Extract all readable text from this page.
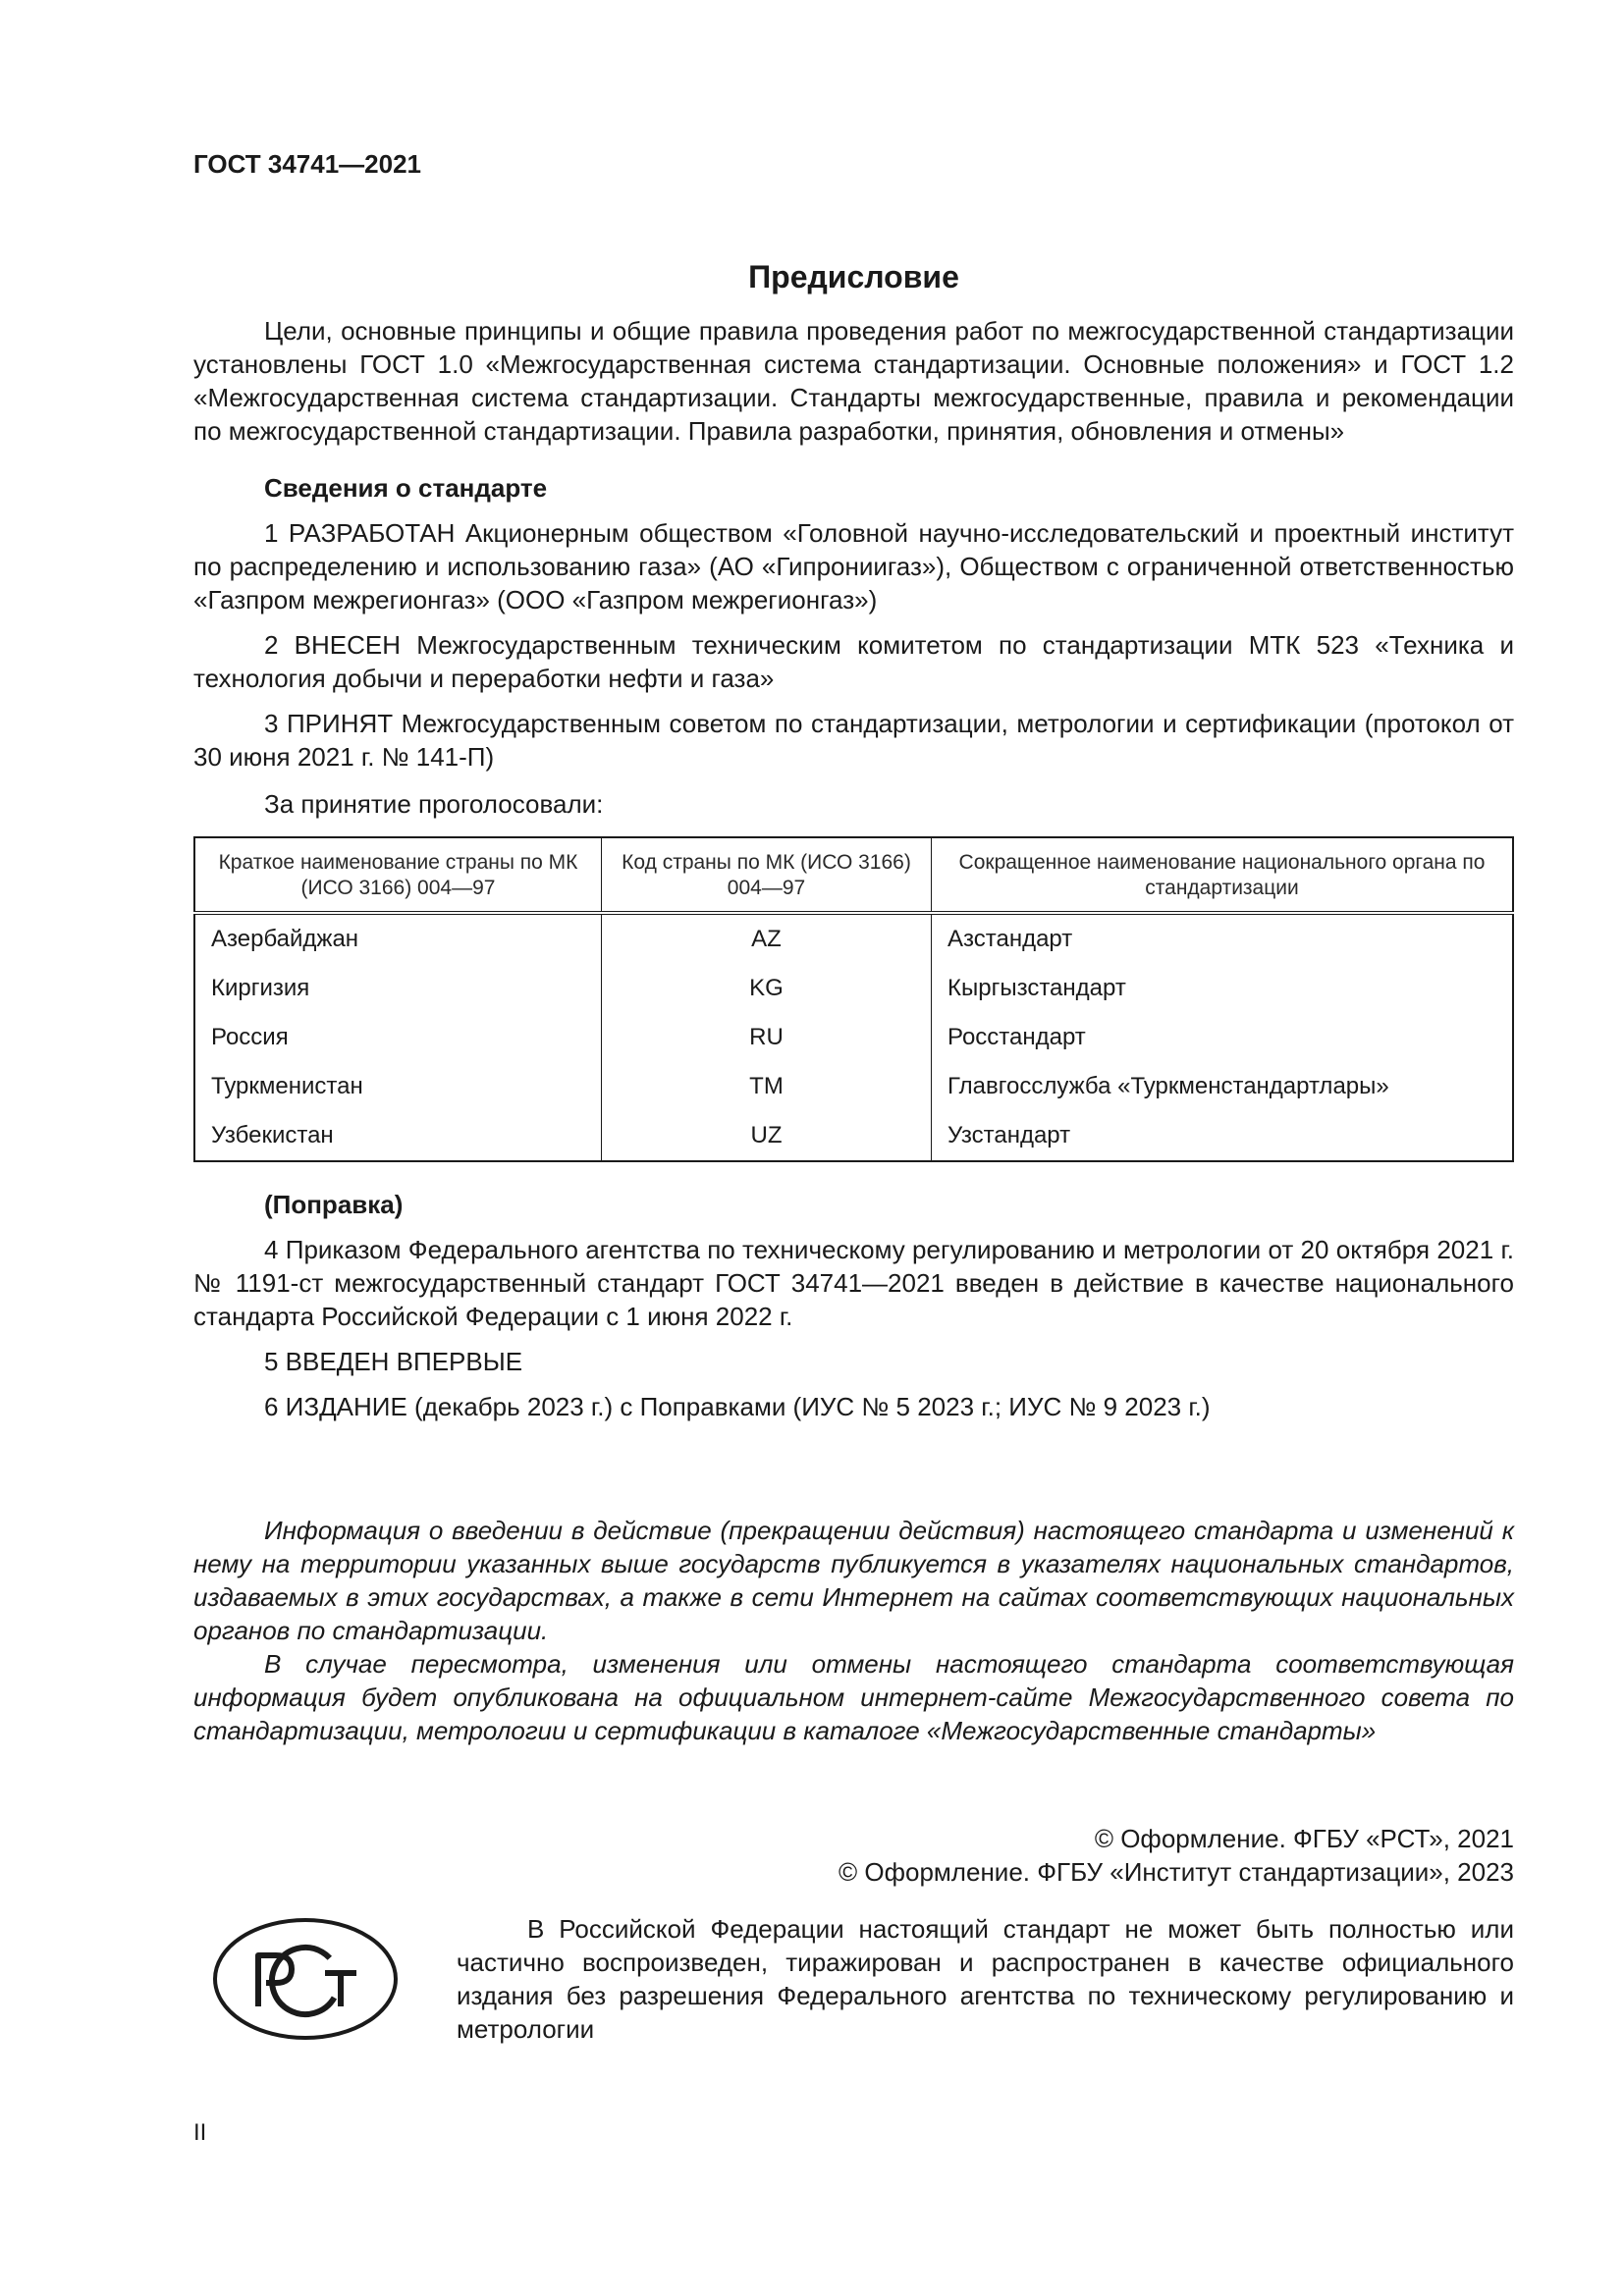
ГОСТ 34741—2021

Предисловие

Цели, основные принципы и общие правила проведения работ по межгосударственной стандартизации установлены ГОСТ 1.0 «Межгосударственная система стандартизации. Основные положения» и ГОСТ 1.2 «Межгосударственная система стандартизации. Стандарты межгосударственные, правила и рекомендации по межгосударственной стандартизации. Правила разработки, принятия, обновления и отмены»

Сведения о стандарте

1 РАЗРАБОТАН Акционерным обществом «Головной научно-исследовательский и проектный институт по распределению и использованию газа» (АО «Гипрониигаз»), Обществом с ограниченной ответственностью «Газпром межрегионгаз» (ООО «Газпром межрегионгаз»)

2 ВНЕСЕН Межгосударственным техническим комитетом по стандартизации МТК 523 «Техника и технология добычи и переработки нефти и газа»

3 ПРИНЯТ Межгосударственным советом по стандартизации, метрологии и сертификации (протокол от 30 июня 2021 г. № 141-П)

За принятие проголосовали:
Краткое наименование страны по МК (ИСО 3166) 004—97	Код страны по МК (ИСО 3166) 004—97	Сокращенное наименование национального органа по стандартизации
Азербайджан	AZ	Азстандарт
Киргизия	KG	Кыргызстандарт
Россия	RU	Росстандарт
Туркменистан	TM	Главгосслужба «Туркменстандартлары»
Узбекистан	UZ	Узстандарт
(Поправка)

4 Приказом Федерального агентства по техническому регулированию и метрологии от 20 октября 2021 г. № 1191-ст межгосударственный стандарт ГОСТ 34741—2021 введен в действие в качестве национального стандарта Российской Федерации с 1 июня 2022 г.

5 ВВЕДЕН ВПЕРВЫЕ

6 ИЗДАНИЕ (декабрь 2023 г.) с Поправками (ИУС № 5 2023 г.; ИУС № 9 2023 г.)

Информация о введении в действие (прекращении действия) настоящего стандарта и изменений к нему на территории указанных выше государств публикуется в указателях национальных стандартов, издаваемых в этих государствах, а также в сети Интернет на сайтах соответствующих национальных органов по стандартизации.

В случае пересмотра, изменения или отмены настоящего стандарта соответствующая информация будет опубликована на официальном интернет-сайте Межгосударственного совета по стандартизации, метрологии и сертификации в каталоге «Межгосударственные стандарты»

© Оформление. ФГБУ «РСТ», 2021
© Оформление. ФГБУ «Институт стандартизации», 2023

В Российской Федерации настоящий стандарт не может быть полностью или частично воспроизведен, тиражирован и распространен в качестве официального издания без разрешения Федерального агентства по техническому регулированию и метрологии

II
